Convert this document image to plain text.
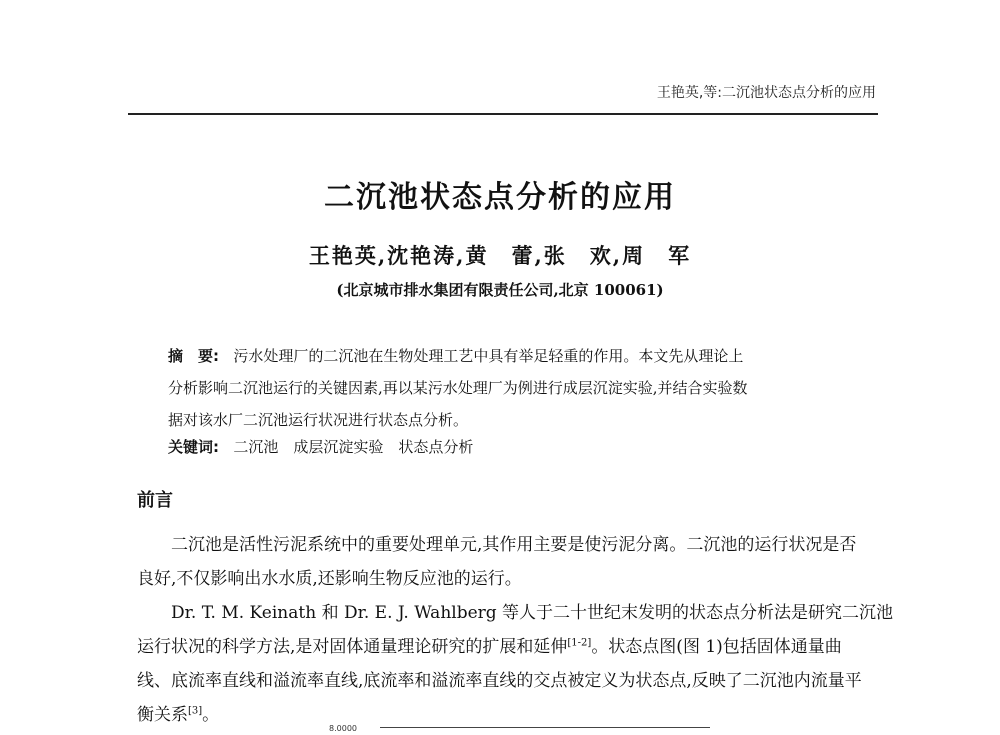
王艳英,等:二沉池状态点分析的应用
二沉池状态点分析的应用
王艳英,沈艳涛,黄　蕾,张　欢,周　军
(北京城市排水集团有限责任公司,北京 100061)
摘　要: 污水处理厂的二沉池在生物处理工艺中具有举足轻重的作用。本文先从理论上
分析影响二沉池运行的关键因素,再以某污水处理厂为例进行成层沉淀实验,并结合实验数
据对该水厂二沉池运行状况进行状态点分析。
关键词: 二沉池　成层沉淀实验　状态点分析
前言
二沉池是活性污泥系统中的重要处理单元,其作用主要是使污泥分离。二沉池的运行状况是否
良好,不仅影响出水水质,还影响生物反应池的运行。
Dr. T. M. Keinath 和 Dr. E. J. Wahlberg 等人于二十世纪末发明的状态点分析法是研究二沉池
运行状况的科学方法,是对固体通量理论研究的扩展和延伸[1-2]。状态点图(图 1)包括固体通量曲
线、底流率直线和溢流率直线,底流率和溢流率直线的交点被定义为状态点,反映了二沉池内流量平
衡关系[3]。
8.0000
